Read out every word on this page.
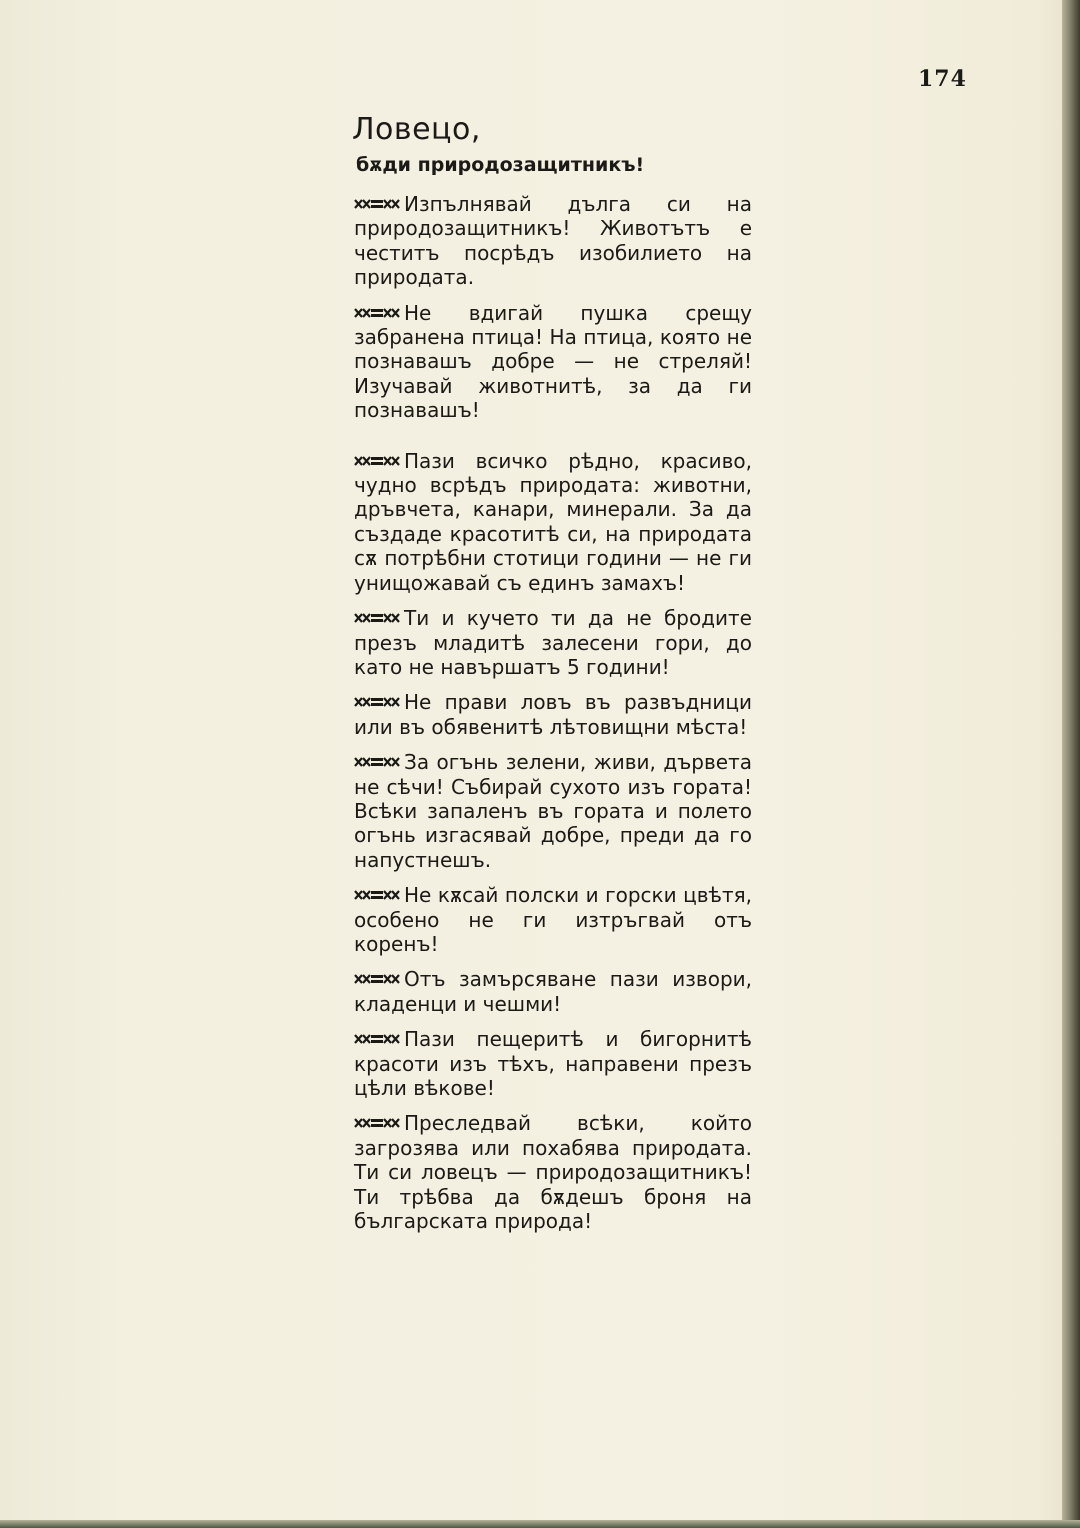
174
Ловецо,
бѫди природозащитникъ!

Изпълнявай дълга си на природозащитникъ! Животътъ е честитъ посрѣдъ изобилието на природата.

Не вдигай пушка срещу забранена птица! На птица, която не познавашъ добре — не стреляй! Изучавай животнитѣ, за да ги познавашъ!

Пази всичко рѣдно, красиво, чудно всрѣдъ природата: животни, дръвчета, канари, минерали. За да създаде красотитѣ си, на природата сѫ потрѣбни стотици години — не ги унищожавай съ единъ замахъ!

Ти и кучето ти да не бродите презъ младитѣ залесени гори, до като не навършатъ 5 години!

Не прави ловъ въ развъдници или въ обявенитѣ лѣтовищни мѣста!

За огънь зелени, живи, дървета не сѣчи! Събирай сухото изъ гората! Всѣки запаленъ въ гората и полето огънь изгасявай добре, преди да го напустнешъ.

Не кѫсай полски и горски цвѣтя, особено не ги изтръгвай отъ коренъ!

Отъ замърсяване пази извори, кладенци и чешми!

Пази пещеритѣ и бигорнитѣ красоти изъ тѣхъ, направени презъ цѣли вѣкове!

Преследвай всѣки, който загрозява или похабява природата. Ти си ловецъ — природозащитникъ! Ти трѣбва да бѫдешъ броня на българската природа!
